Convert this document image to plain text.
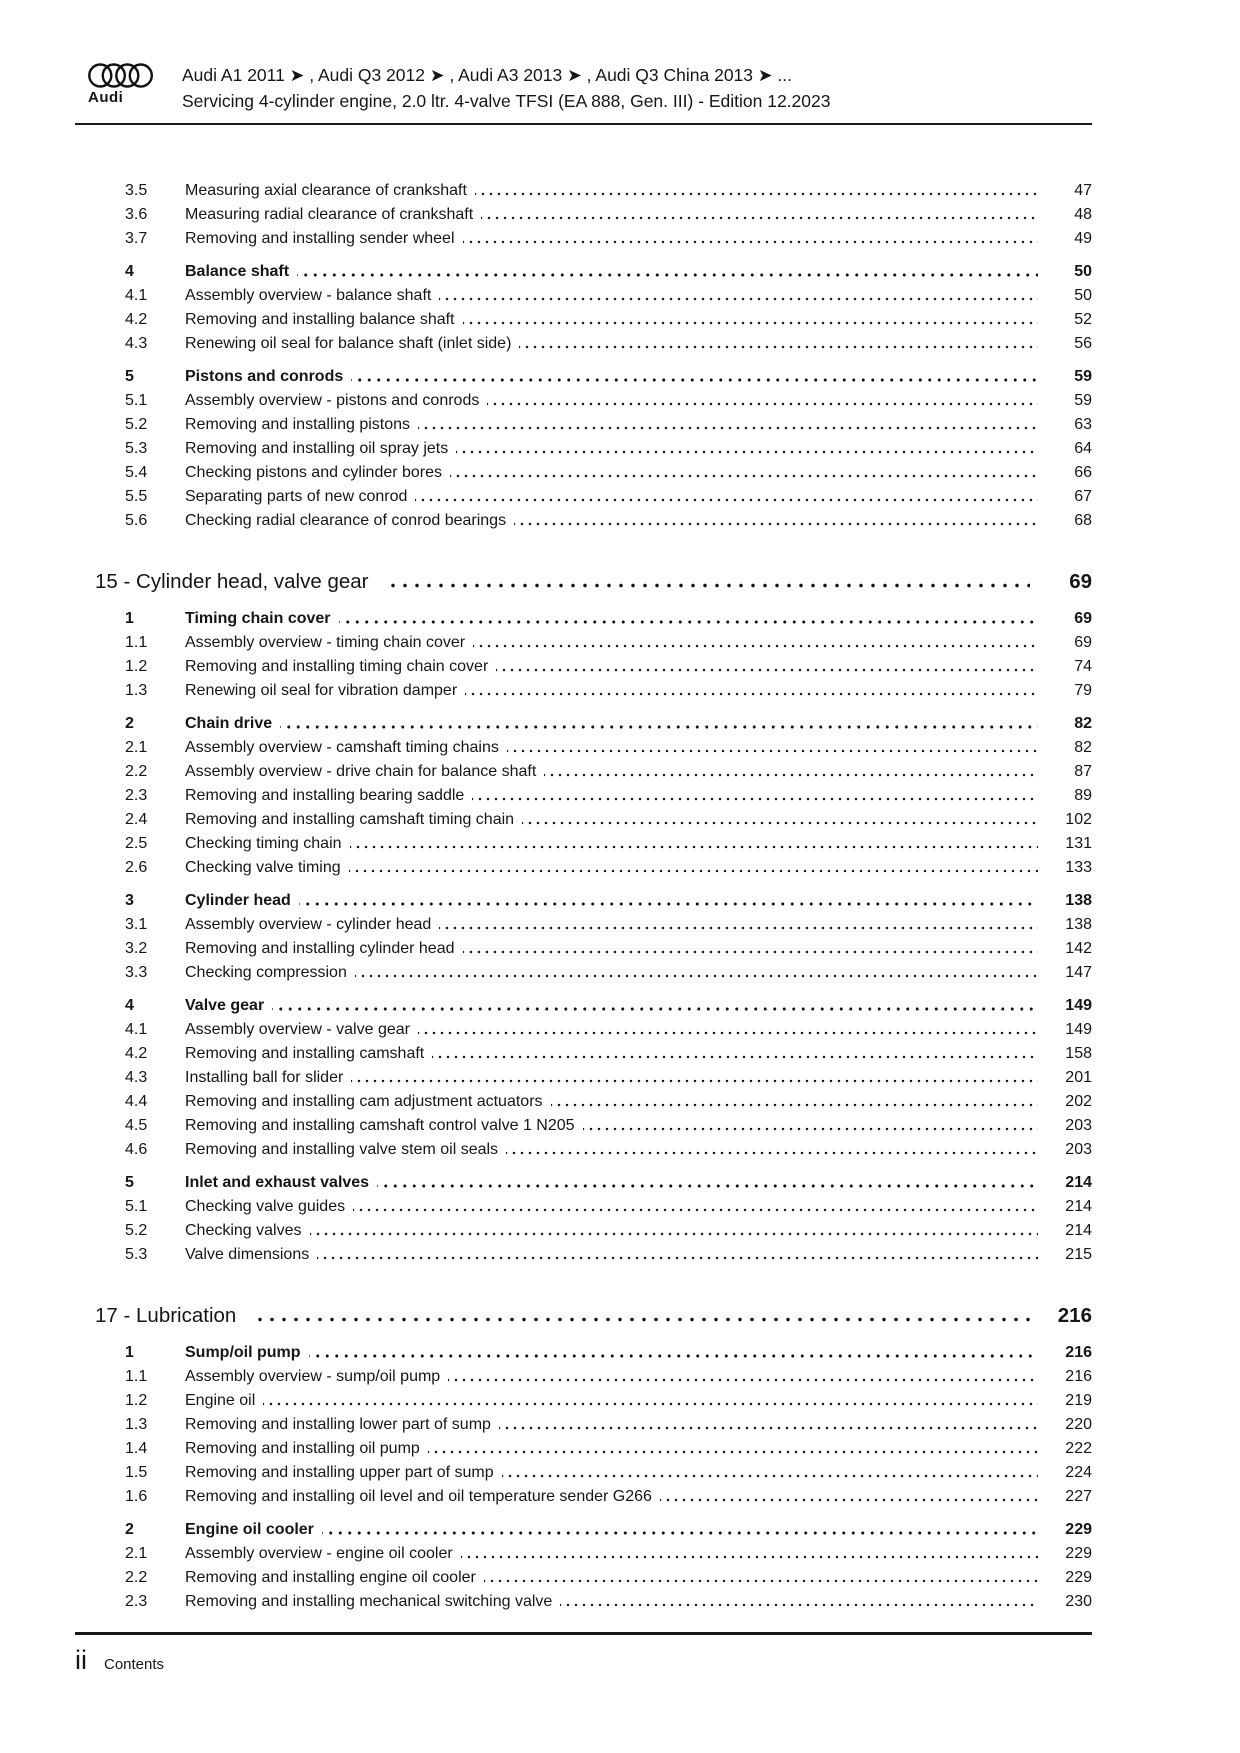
Audi
Audi A1 2011 ➤ , Audi Q3 2012 ➤ , Audi A3 2013 ➤ , Audi Q3 China 2013 ➤ ...
Servicing 4-cylinder engine, 2.0 ltr. 4-valve TFSI (EA 888, Gen. III) - Edition 12.2023
3.5	Measuring axial clearance of crankshaft	47
3.6	Measuring radial clearance of crankshaft	48
3.7	Removing and installing sender wheel	49
4	Balance shaft	50
4.1	Assembly overview - balance shaft	50
4.2	Removing and installing balance shaft	52
4.3	Renewing oil seal for balance shaft (inlet side)	56
5	Pistons and conrods	59
5.1	Assembly overview - pistons and conrods	59
5.2	Removing and installing pistons	63
5.3	Removing and installing oil spray jets	64
5.4	Checking pistons and cylinder bores	66
5.5	Separating parts of new conrod	67
5.6	Checking radial clearance of conrod bearings	68
15 - Cylinder head, valve gear	69
1	Timing chain cover	69
1.1	Assembly overview - timing chain cover	69
1.2	Removing and installing timing chain cover	74
1.3	Renewing oil seal for vibration damper	79
2	Chain drive	82
2.1	Assembly overview - camshaft timing chains	82
2.2	Assembly overview - drive chain for balance shaft	87
2.3	Removing and installing bearing saddle	89
2.4	Removing and installing camshaft timing chain	102
2.5	Checking timing chain	131
2.6	Checking valve timing	133
3	Cylinder head	138
3.1	Assembly overview - cylinder head	138
3.2	Removing and installing cylinder head	142
3.3	Checking compression	147
4	Valve gear	149
4.1	Assembly overview - valve gear	149
4.2	Removing and installing camshaft	158
4.3	Installing ball for slider	201
4.4	Removing and installing cam adjustment actuators	202
4.5	Removing and installing camshaft control valve 1 N205	203
4.6	Removing and installing valve stem oil seals	203
5	Inlet and exhaust valves	214
5.1	Checking valve guides	214
5.2	Checking valves	214
5.3	Valve dimensions	215
17 - Lubrication	216
1	Sump/oil pump	216
1.1	Assembly overview - sump/oil pump	216
1.2	Engine oil	219
1.3	Removing and installing lower part of sump	220
1.4	Removing and installing oil pump	222
1.5	Removing and installing upper part of sump	224
1.6	Removing and installing oil level and oil temperature sender G266	227
2	Engine oil cooler	229
2.1	Assembly overview - engine oil cooler	229
2.2	Removing and installing engine oil cooler	229
2.3	Removing and installing mechanical switching valve	230
ii Contents
